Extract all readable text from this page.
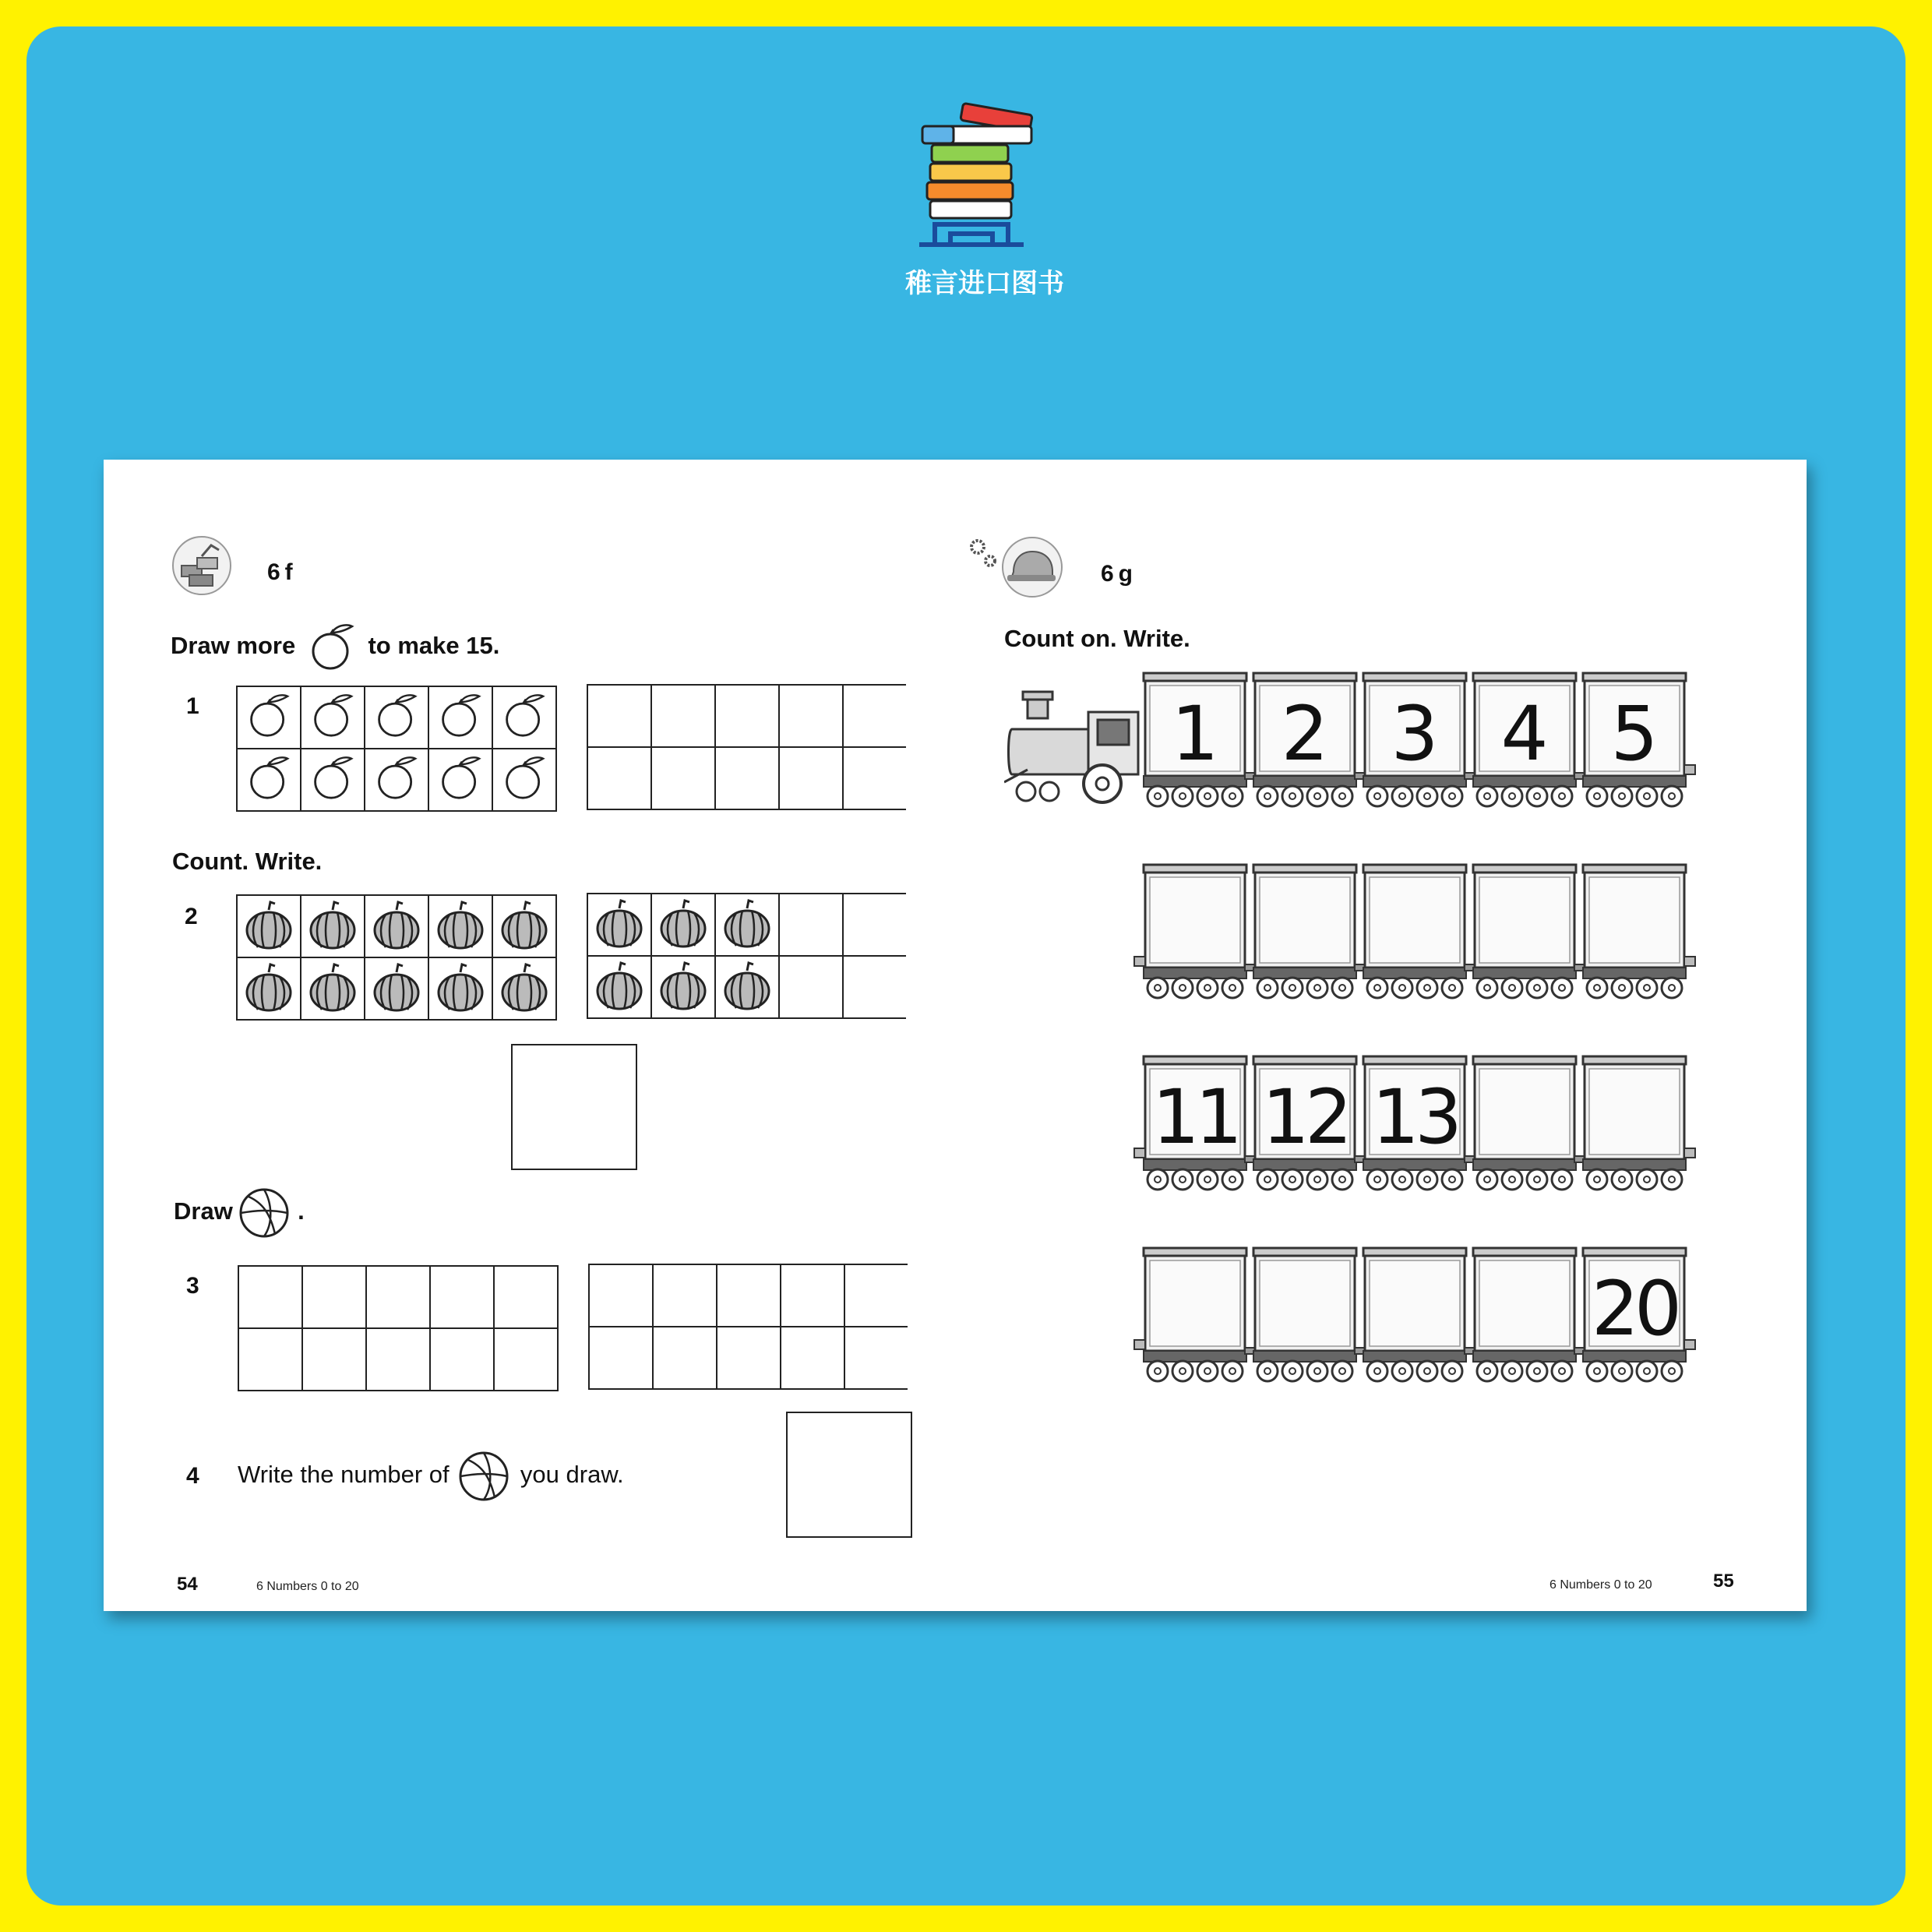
稚言进口图书
6f
Draw more	to make 15.
1

Count. Write.
2

Draw	.
3

4 Write the number of	you draw.
54	6 Numbers 0 to 20
6g
Count on. Write.
1 2 3 4 5
11 12 13
20
6 Numbers 0 to 20	55
